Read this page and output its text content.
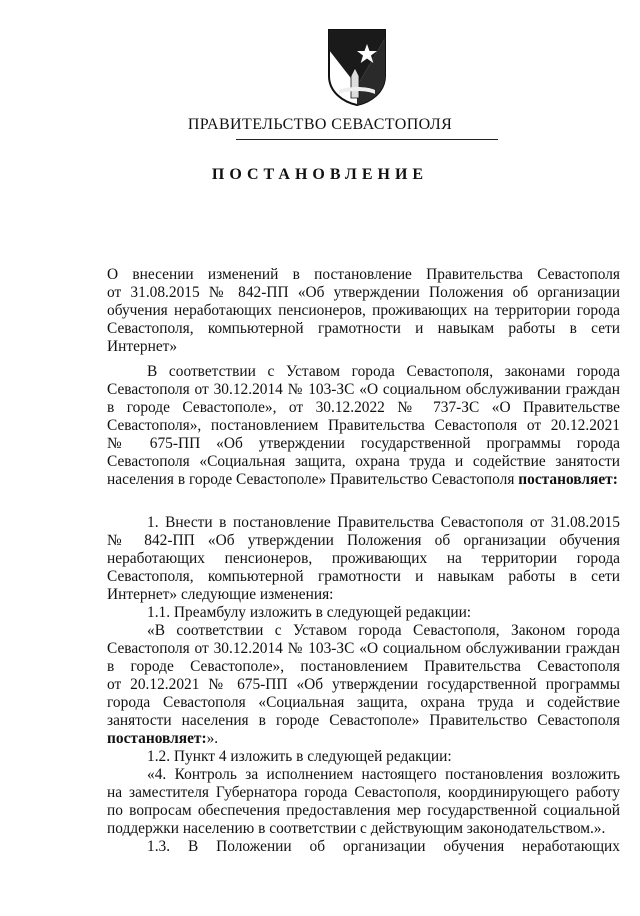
ПРАВИТЕЛЬСТВО СЕВАСТОПОЛЯ
ПОСТАНОВЛЕНИЕ
О внесении изменений в постановление Правительства Севастополя
от 31.08.2015 № 842-ПП «Об утверждении Положения об организации
обучения неработающих пенсионеров, проживающих на территории города
Севастополя, компьютерной грамотности и навыкам работы в сети Интернет»
В соответствии с Уставом города Севастополя, законами города
Севастополя от 30.12.2014 № 103-ЗС «О социальном обслуживании граждан
в городе Севастополе», от 30.12.2022 № 737-ЗС «О Правительстве
Севастополя», постановлением Правительства Севастополя от 20.12.2021
№ 675-ПП «Об утверждении государственной программы города
Севастополя «Социальная защита, охрана труда и содействие занятости
населения в городе Севастополе» Правительство Севастополя постановляет:
1. Внести в постановление Правительства Севастополя от 31.08.2015
№ 842-ПП «Об утверждении Положения об организации обучения
неработающих пенсионеров, проживающих на территории города
Севастополя, компьютерной грамотности и навыкам работы в сети
Интернет» следующие изменения:
1.1. Преамбулу изложить в следующей редакции:
«В соответствии с Уставом города Севастополя, Законом города
Севастополя от 30.12.2014 № 103-ЗС «О социальном обслуживании граждан
в городе Севастополе», постановлением Правительства Севастополя
от 20.12.2021 № 675-ПП «Об утверждении государственной программы
города Севастополя «Социальная защита, охрана труда и содействие
занятости населения в городе Севастополе» Правительство Севастополя
постановляет:».
1.2. Пункт 4 изложить в следующей редакции:
«4. Контроль за исполнением настоящего постановления возложить
на заместителя Губернатора города Севастополя, координирующего работу
по вопросам обеспечения предоставления мер государственной социальной
поддержки населению в соответствии с действующим законодательством.».
1.3. В Положении об организации обучения неработающих
